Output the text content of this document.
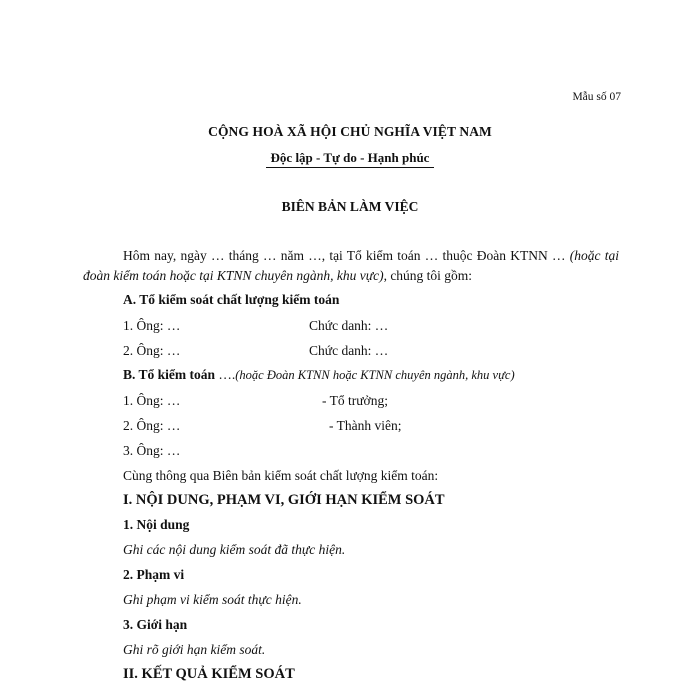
Mẫu số 07
CỘNG HOÀ XÃ HỘI CHỦ NGHĨA VIỆT NAM
Độc lập - Tự do - Hạnh phúc
BIÊN BẢN LÀM VIỆC
Hôm nay, ngày … tháng … năm …, tại Tổ kiểm toán … thuộc Đoàn KTNN … (hoặc tại đoàn kiểm toán hoặc tại KTNN chuyên ngành, khu vực), chúng tôi gồm:
A. Tổ kiểm soát chất lượng kiểm toán
1. Ông: …	Chức danh: …
2. Ông: …	Chức danh: …
B. Tổ kiểm toán ….(hoặc Đoàn KTNN hoặc KTNN chuyên ngành, khu vực)
1. Ông: …	- Tổ trưởng;
2. Ông: …	- Thành viên;
3. Ông: …
Cùng thông qua Biên bản kiểm soát chất lượng kiểm toán:
I. NỘI DUNG, PHẠM VI, GIỚI HẠN KIỂM SOÁT
1. Nội dung
Ghi các nội dung kiểm soát đã thực hiện.
2. Phạm vi
Ghi phạm vi kiểm soát thực hiện.
3. Giới hạn
Ghi rõ giới hạn kiểm soát.
II. KẾT QUẢ KIỂM SOÁT
